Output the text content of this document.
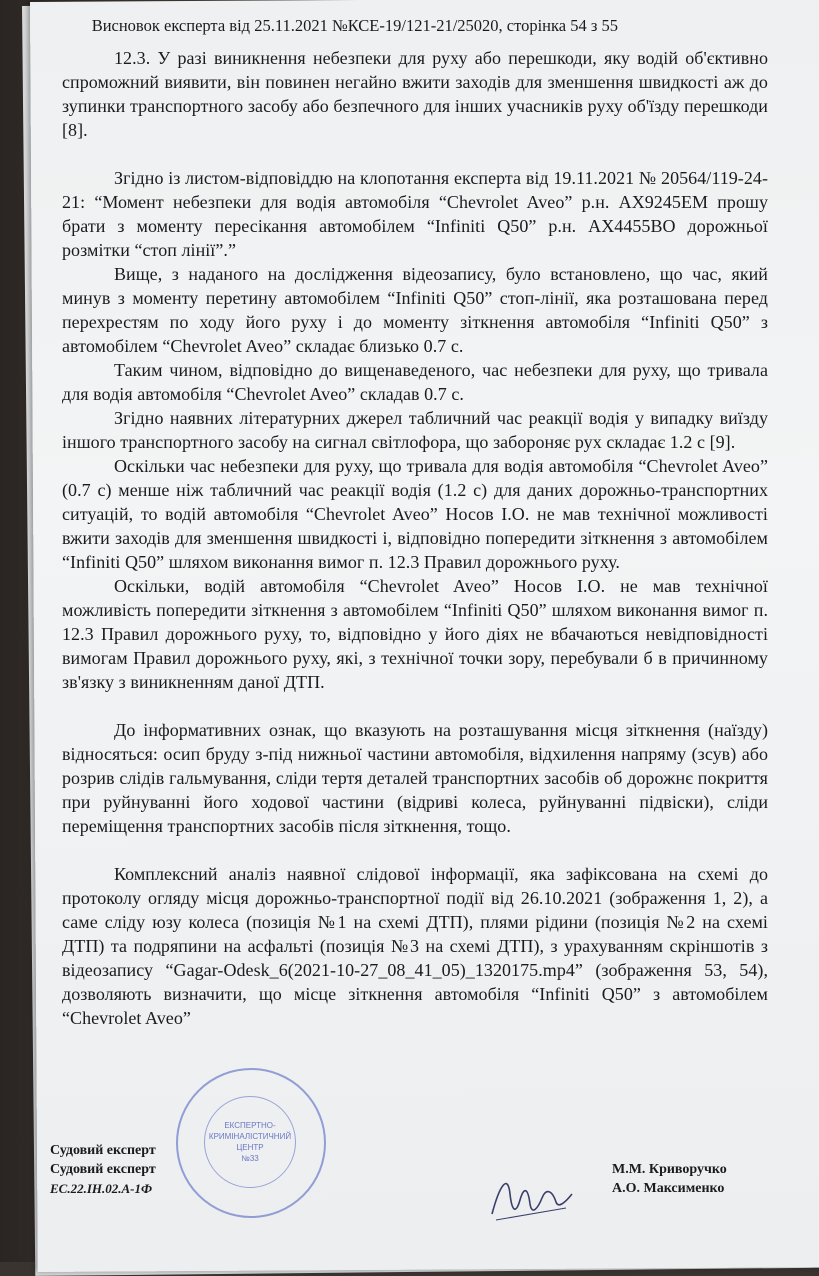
Висновок експерта від 25.11.2021 №КСЕ-19/121-21/25020, сторінка 54 з 55

12.3. У разі виникнення небезпеки для руху або перешкоди, яку водій об'єктивно спроможний виявити, він повинен негайно вжити заходів для зменшення швидкості аж до зупинки транспортного засобу або безпечного для інших учасників руху об'їзду перешкоди [8].

Згідно із листом-відповіддю на клопотання експерта від 19.11.2021 № 20564/119-24-21: “Момент небезпеки для водія автомобіля “Chevrolet Aveo” р.н. АХ9245ЕМ прошу брати з моменту пересікання автомобілем “Infiniti Q50” р.н. АХ4455ВО дорожньої розмітки “стоп лінії”.”

Вище, з наданого на дослідження відеозапису, було встановлено, що час, який минув з моменту перетину автомобілем “Infiniti Q50” стоп-лінії, яка розташована перед перехрестям по ходу його руху і до моменту зіткнення автомобіля “Infiniti Q50” з автомобілем “Chevrolet Aveo” складає близько 0.7 с.

Таким чином, відповідно до вищенаведеного, час небезпеки для руху, що тривала для водія автомобіля “Chevrolet Aveo” складав 0.7 с.

Згідно наявних літературних джерел табличний час реакції водія у випадку виїзду іншого транспортного засобу на сигнал світлофора, що забороняє рух складає 1.2 с [9].

Оскільки час небезпеки для руху, що тривала для водія автомобіля “Chevrolet Aveo” (0.7 с) менше ніж табличний час реакції водія (1.2 с) для даних дорожньо-транспортних ситуацій, то водій автомобіля “Chevrolet Aveo” Носов І.О. не мав технічної можливості вжити заходів для зменшення швидкості і, відповідно попередити зіткнення з автомобілем “Infiniti Q50” шляхом виконання вимог п. 12.3 Правил дорожнього руху.

Оскільки, водій автомобіля “Chevrolet Aveo” Носов І.О. не мав технічної можливість попередити зіткнення з автомобілем “Infiniti Q50” шляхом виконання вимог п. 12.3 Правил дорожнього руху, то, відповідно у його діях не вбачаються невідповідності вимогам Правил дорожнього руху, які, з технічної точки зору, перебували б в причинному зв'язку з виникненням даної ДТП.

До інформативних ознак, що вказують на розташування місця зіткнення (наїзду) відносяться: осип бруду з-під нижньої частини автомобіля, відхилення напряму (зсув) або розрив слідів гальмування, сліди тертя деталей транспортних засобів об дорожнє покриття при руйнуванні його ходової частини (відриві колеса, руйнуванні підвіски), сліди переміщення транспортних засобів після зіткнення, тощо.

Комплексний аналіз наявної слідової інформації, яка зафіксована на схемі до протоколу огляду місця дорожньо-транспортної події від 26.10.2021 (зображення 1, 2), а саме сліду юзу колеса (позиція №1 на схемі ДТП), плями рідини (позиція №2 на схемі ДТП) та подряпини на асфальті (позиція №3 на схемі ДТП), з урахуванням скріншотів з відеозапису “Gagar-Odesk_6(2021-10-27_08_41_05)_1320175.mp4” (зображення 53, 54), дозволяють визначити, що місце зіткнення автомобіля “Infiniti Q50” з автомобілем “Chevrolet Aveo”

ЕКСПЕРТНО-
КРИМІНАЛІСТИЧНИЙ
ЦЕНТР
№33
Судовий експерт
Судовий експерт	М.М. Криворучко
ЕС.22.ІН.02.А-1Ф	А.О. Максименко
